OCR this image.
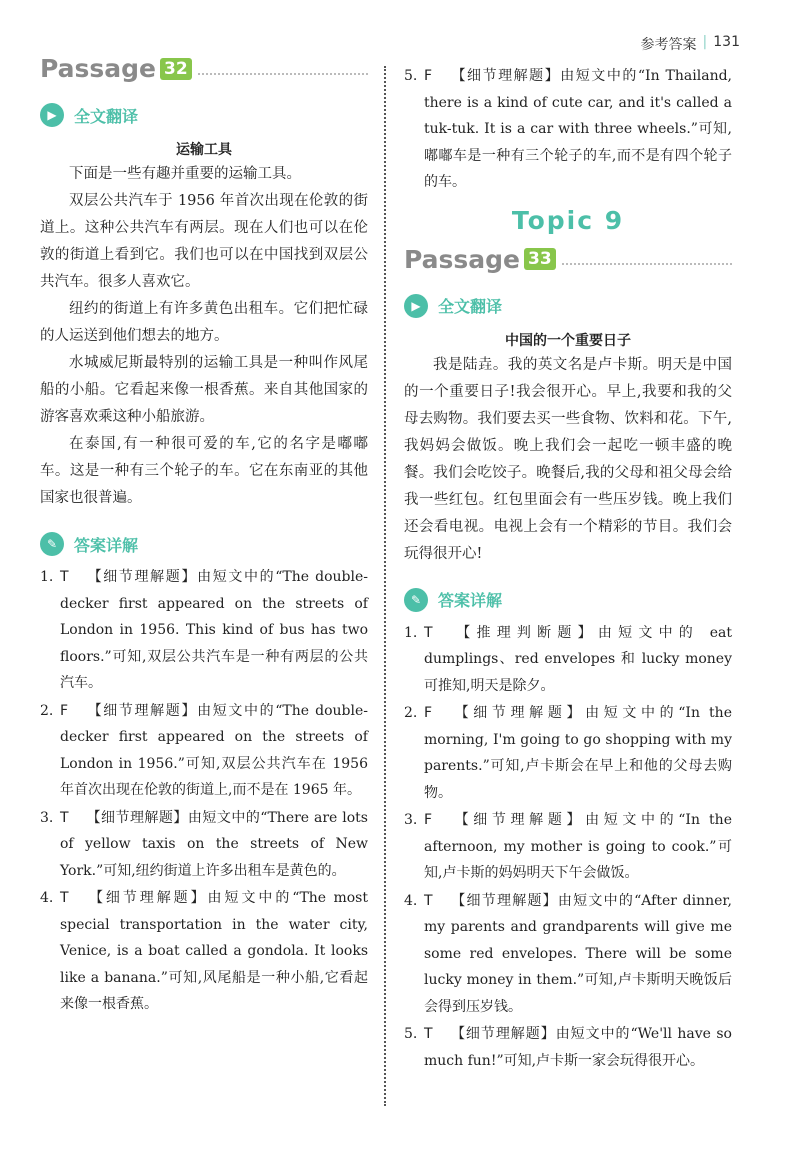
参考答案 | 131
Passage 32
▶	全文翻译
运输工具

下面是一些有趣并重要的运输工具。

双层公共汽车于 1956 年首次出现在伦敦的街道上。这种公共汽车有两层。现在人们也可以在伦敦的街道上看到它。我们也可以在中国找到双层公共汽车。很多人喜欢它。

纽约的街道上有许多黄色出租车。它们把忙碌的人运送到他们想去的地方。

水城威尼斯最特别的运输工具是一种叫作风尾船的小船。它看起来像一根香蕉。来自其他国家的游客喜欢乘这种小船旅游。

在泰国,有一种很可爱的车,它的名字是嘟嘟车。这是一种有三个轮子的车。它在东南亚的其他国家也很普遍。

✎	答案详解
1. T 【细节理解题】由短文中的“The double-decker first appeared on the streets of London in 1956. This kind of bus has two floors.”可知,双层公共汽车是一种有两层的公共汽车。
2. F 【细节理解题】由短文中的“The double-decker first appeared on the streets of London in 1956.”可知,双层公共汽车在 1956 年首次出现在伦敦的街道上,而不是在 1965 年。
3. T 【细节理解题】由短文中的“There are lots of yellow taxis on the streets of New York.”可知,纽约街道上许多出租车是黄色的。
4. T 【细节理解题】由短文中的“The most special transportation in the water city, Venice, is a boat called a gondola. It looks like a banana.”可知,风尾船是一种小船,它看起来像一根香蕉。
5. F 【细节理解题】由短文中的“In Thailand, there is a kind of cute car, and it's called a tuk-tuk. It is a car with three wheels.”可知,嘟嘟车是一种有三个轮子的车,而不是有四个轮子的车。
Topic 9
Passage 33
▶	全文翻译
中国的一个重要日子

我是陆垚。我的英文名是卢卡斯。明天是中国的一个重要日子!我会很开心。早上,我要和我的父母去购物。我们要去买一些食物、饮料和花。下午,我妈妈会做饭。晚上我们会一起吃一顿丰盛的晚餐。我们会吃饺子。晚餐后,我的父母和祖父母会给我一些红包。红包里面会有一些压岁钱。晚上我们还会看电视。电视上会有一个精彩的节目。我们会玩得很开心!

✎	答案详解
1. T 【推理判断题】由短文中的 eat dumplings、red envelopes 和 lucky money 可推知,明天是除夕。
2. F 【细节理解题】由短文中的“In the morning, I'm going to go shopping with my parents.”可知,卢卡斯会在早上和他的父母去购物。
3. F 【细节理解题】由短文中的“In the afternoon, my mother is going to cook.”可知,卢卡斯的妈妈明天下午会做饭。
4. T 【细节理解题】由短文中的“After dinner, my parents and grandparents will give me some red envelopes. There will be some lucky money in them.”可知,卢卡斯明天晚饭后会得到压岁钱。
5. T 【细节理解题】由短文中的“We'll have so much fun!”可知,卢卡斯一家会玩得很开心。
